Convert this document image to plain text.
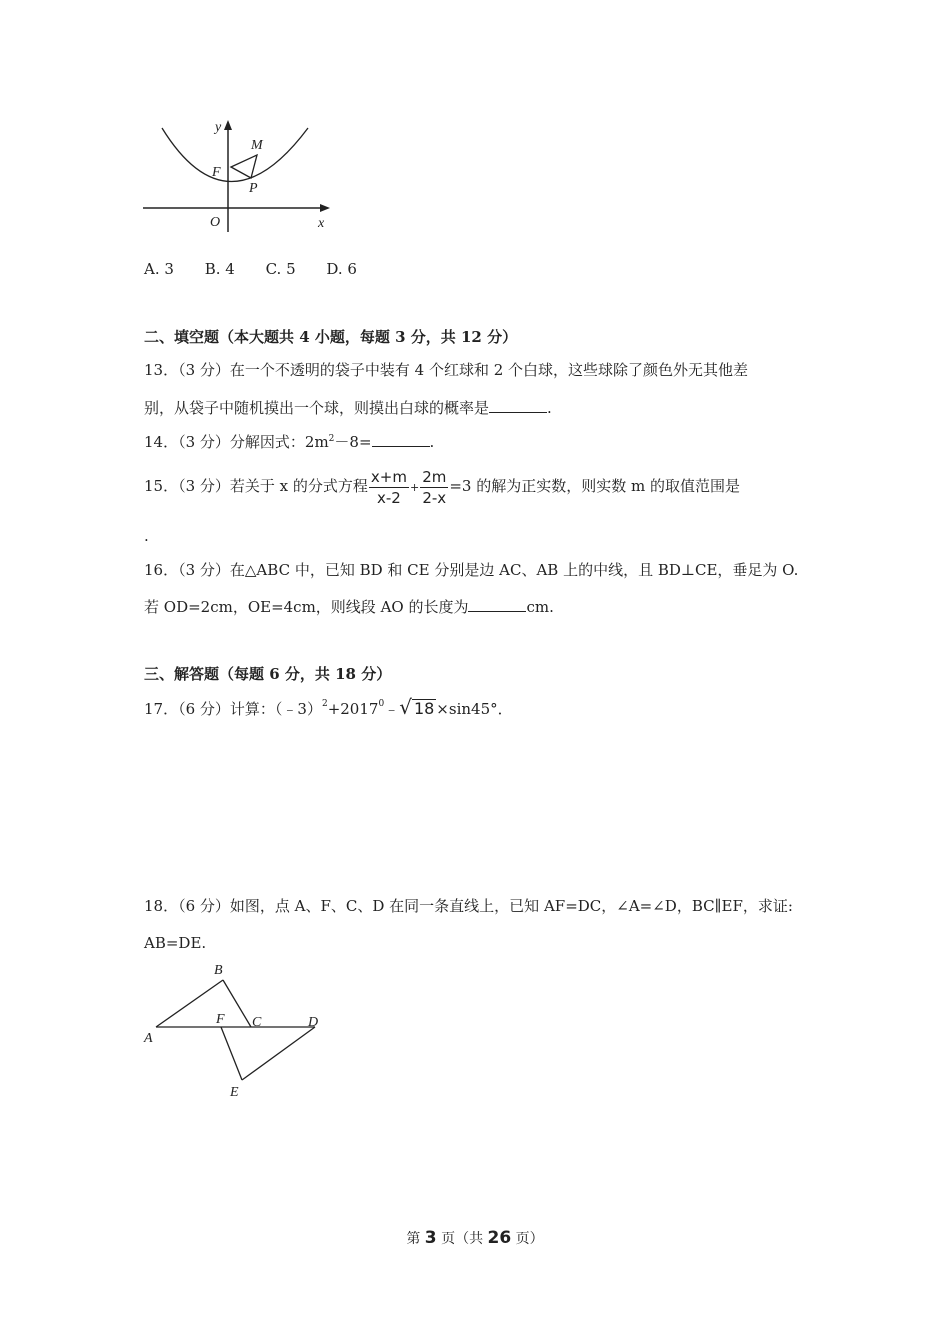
y
x
O
F
M
P
A. 3 B. 4 C. 5 D. 6
二、填空题（本大题共 4 小题，每题 3 分，共 12 分）
13．（3 分）在一个不透明的袋子中装有 4 个红球和 2 个白球，这些球除了颜色外无其他差
别，从袋子中随机摸出一个球，则摸出白球的概率是	.
14．（3 分）分解因式：$2m^2-8=$	.
15．（3 分）若关于 x 的分式方程 $\frac{x+m}{x-2} + \frac{2m}{2-x} =3$ 的解为正实数，则实数 m 的取值范围是
.
16．（3 分）在△ABC 中，已知 BD 和 CE 分别是边 AC、AB 上的中线，且 BD⊥CE，垂足为 O.
若 OD=2cm，OE=4cm，则线段 AO 的长度为	cm.
三、解答题（每题 6 分，共 18 分）
17．（6 分）计算：$(﹣3)^2+2017^0﹣√$ 18 ×sin45°．
18．（6 分）如图，点 A、F、C、D 在同一条直线上，已知 AF=DC，∠A=∠D，BC∥EF，求证:
AB=DE.
A
B
F C	D
E
第 3 页（共 26 页）
